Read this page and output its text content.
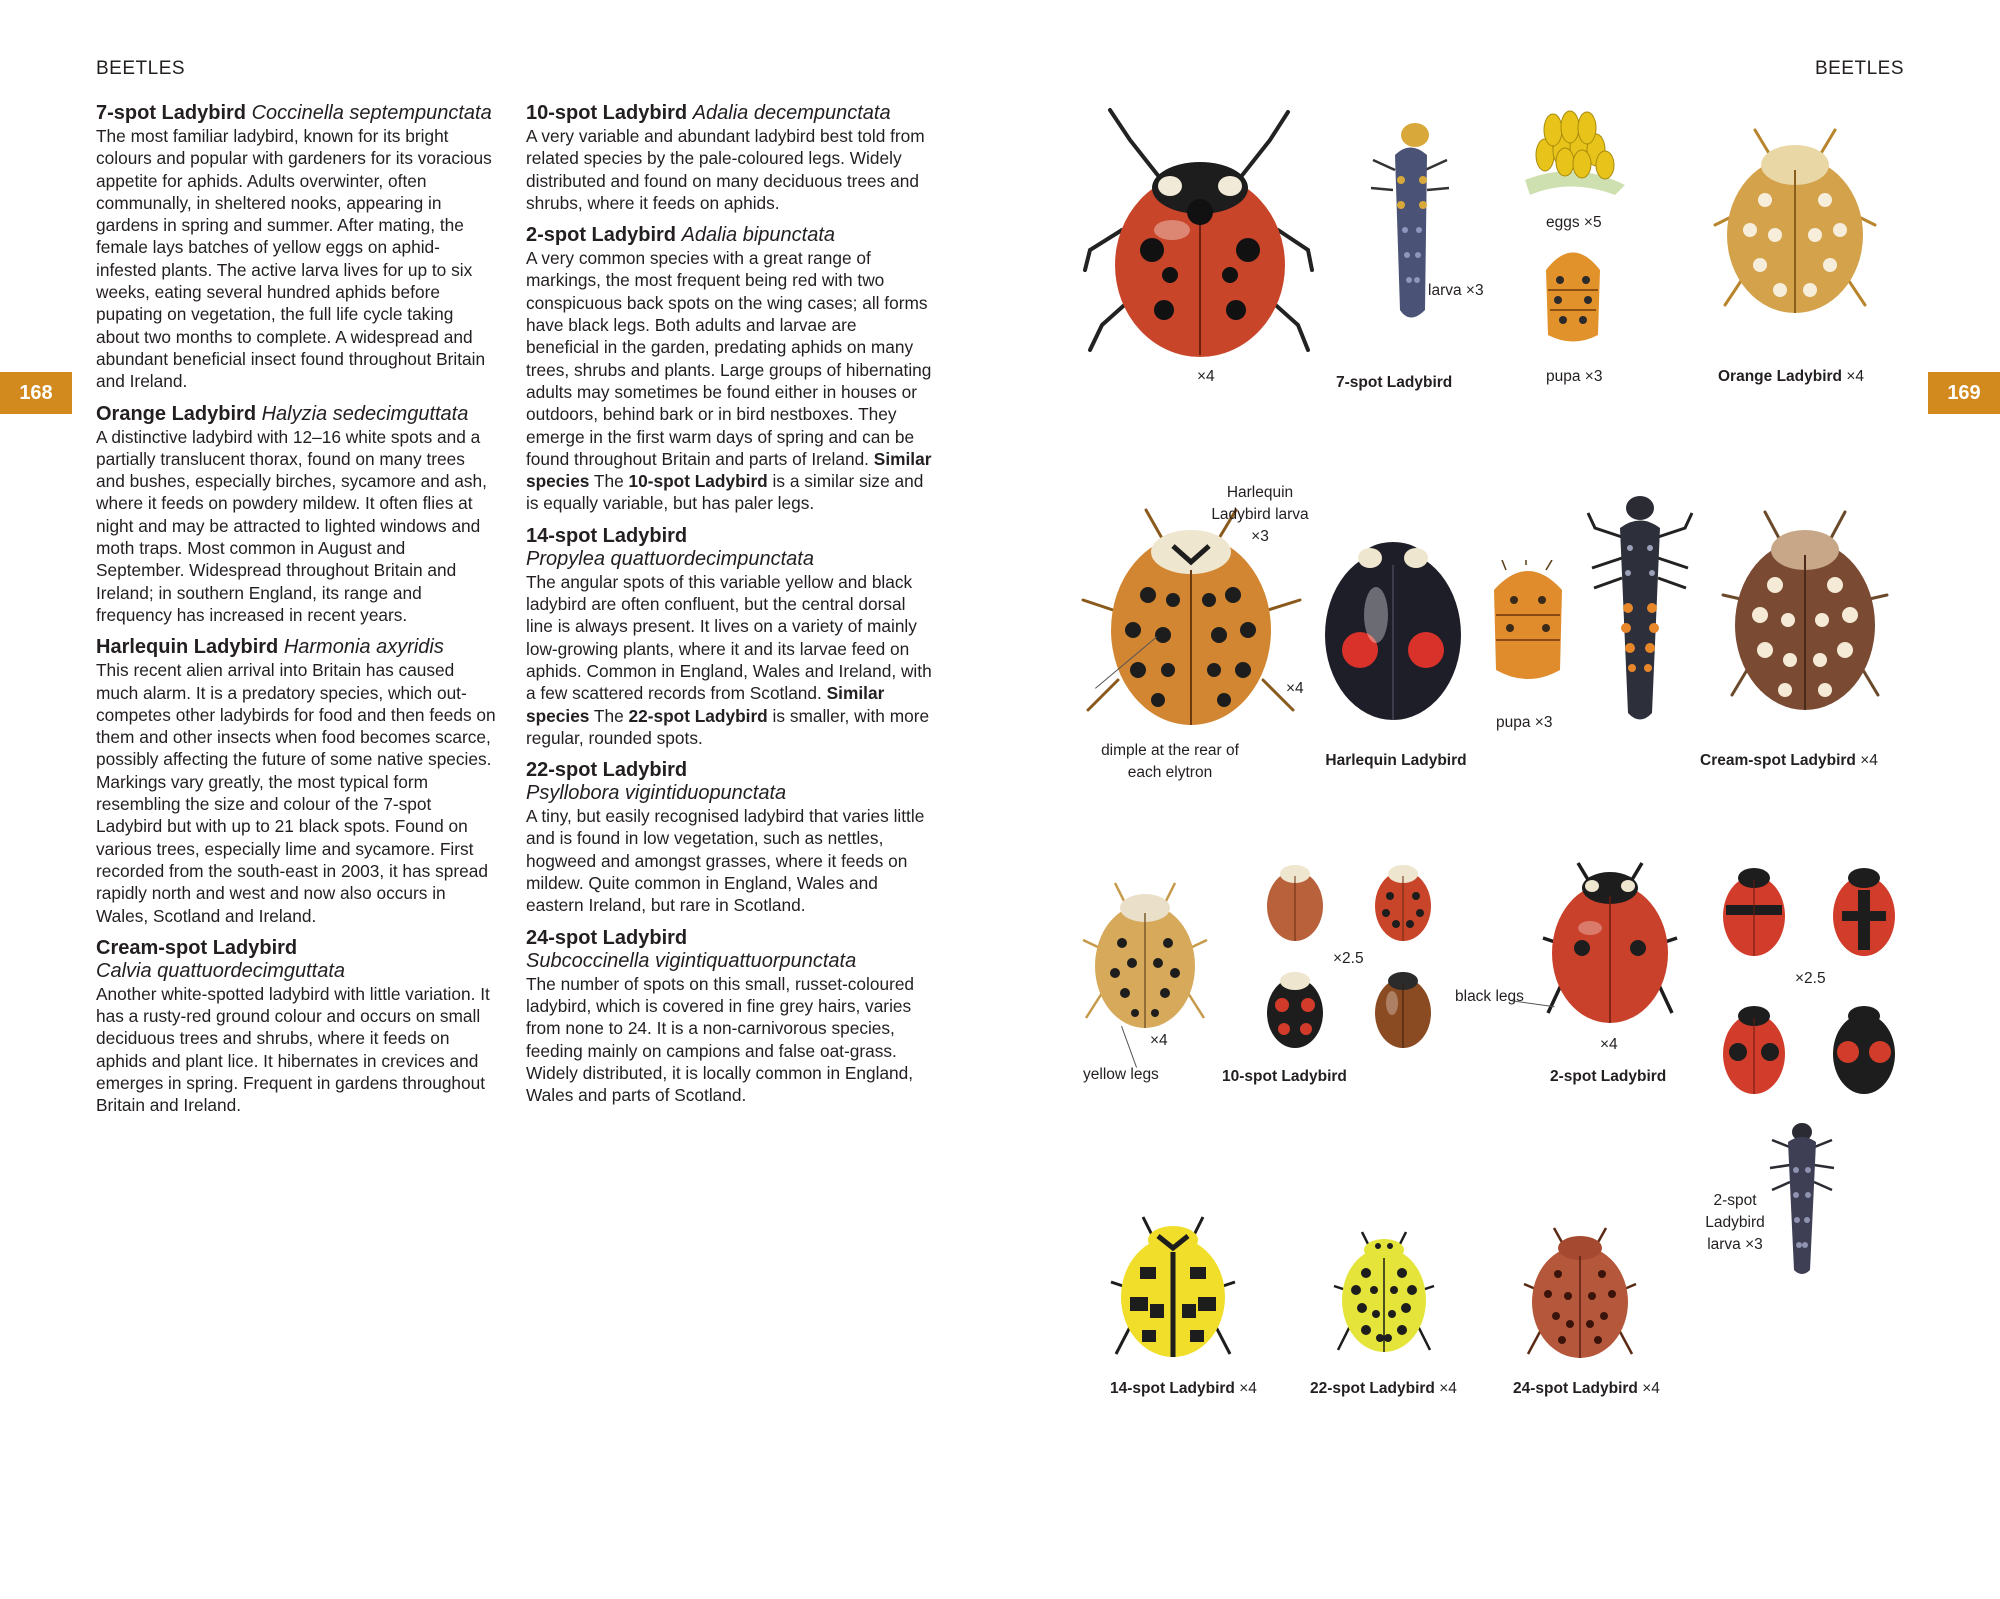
BEETLES
168
7-spot Ladybird Coccinella septempunctata

The most familiar ladybird, known for its bright colours and popular with gardeners for its voracious appetite for aphids. Adults overwinter, often communally, in sheltered nooks, appearing in gardens in spring and summer. After mating, the female lays batches of yellow eggs on aphid-infested plants. The active larva lives for up to six weeks, eating several hundred aphids before pupating on vegetation, the full life cycle taking about two months to complete. A widespread and abundant beneficial insect found throughout Britain and Ireland.

Orange Ladybird Halyzia sedecimguttata

A distinctive ladybird with 12–16 white spots and a partially translucent thorax, found on many trees and bushes, especially birches, sycamore and ash, where it feeds on powdery mildew. It often flies at night and may be attracted to lighted windows and moth traps. Most common in August and September. Widespread throughout Britain and Ireland; in southern England, its range and frequency has increased in recent years.

Harlequin Ladybird Harmonia axyridis

This recent alien arrival into Britain has caused much alarm. It is a predatory species, which out-competes other ladybirds for food and then feeds on them and other insects when food becomes scarce, possibly affecting the future of some native species. Markings vary greatly, the most typical form resembling the size and colour of the 7-spot Ladybird but with up to 21 black spots. Found on various trees, especially lime and sycamore. First recorded from the south-east in 2003, it has spread rapidly north and west and now also occurs in Wales, Scotland and Ireland.

Cream-spot Ladybird
Calvia quattuordecimguttata

Another white-spotted ladybird with little variation. It has a rusty-red ground colour and occurs on small deciduous trees and shrubs, where it feeds on aphids and plant lice. It hibernates in crevices and emerges in spring. Frequent in gardens throughout Britain and Ireland.

10-spot Ladybird Adalia decempunctata

A very variable and abundant ladybird best told from related species by the pale-coloured legs. Widely distributed and found on many deciduous trees and shrubs, where it feeds on aphids.

2-spot Ladybird Adalia bipunctata

A very common species with a great range of markings, the most frequent being red with two conspicuous back spots on the wing cases; all forms have black legs. Both adults and larvae are beneficial in the garden, predating aphids on many trees, shrubs and plants. Large groups of hibernating adults may sometimes be found either in houses or outdoors, behind bark or in bird nestboxes. They emerge in the first warm days of spring and can be found throughout Britain and parts of Ireland. Similar species The 10-spot Ladybird is a similar size and is equally variable, but has paler legs.

14-spot Ladybird
Propylea quattuordecimpunctata

The angular spots of this variable yellow and black ladybird are often confluent, but the central dorsal line is always present. It lives on a variety of mainly low-growing plants, where it and its larvae feed on aphids. Common in England, Wales and Ireland, with a few scattered records from Scotland. Similar species The 22-spot Ladybird is smaller, with more regular, rounded spots.

22-spot Ladybird
Psyllobora vigintiduopunctata

A tiny, but easily recognised ladybird that varies little and is found in low vegetation, such as nettles, hogweed and amongst grasses, where it feeds on mildew. Quite common in England, Wales and eastern Ireland, but rare in Scotland.

24-spot Ladybird
Subcoccinella vigintiquattuorpunctata

The number of spots on this small, russet-coloured ladybird, which is covered in fine grey hairs, varies from none to 24. It is a non-carnivorous species, feeding mainly on campions and false oat-grass. Widely distributed, it is locally common in England, Wales and parts of Scotland.

BEETLES
169
×4
larva ×3
7-spot Ladybird
eggs ×5
pupa ×3	Orange Ladybird ×4
×4
Harlequin Ladybird
Harlequin
Ladybird larva
×3
pupa ×3
Cream-spot Ladybird ×4
dimple at the rear of
each elytron
×4
yellow legs
×2.5
10-spot Ladybird
black legs
×4
2-spot Ladybird
×2.5
2-spot
Ladybird
larva ×3
14-spot Ladybird ×4	22-spot Ladybird ×4	24-spot Ladybird ×4
